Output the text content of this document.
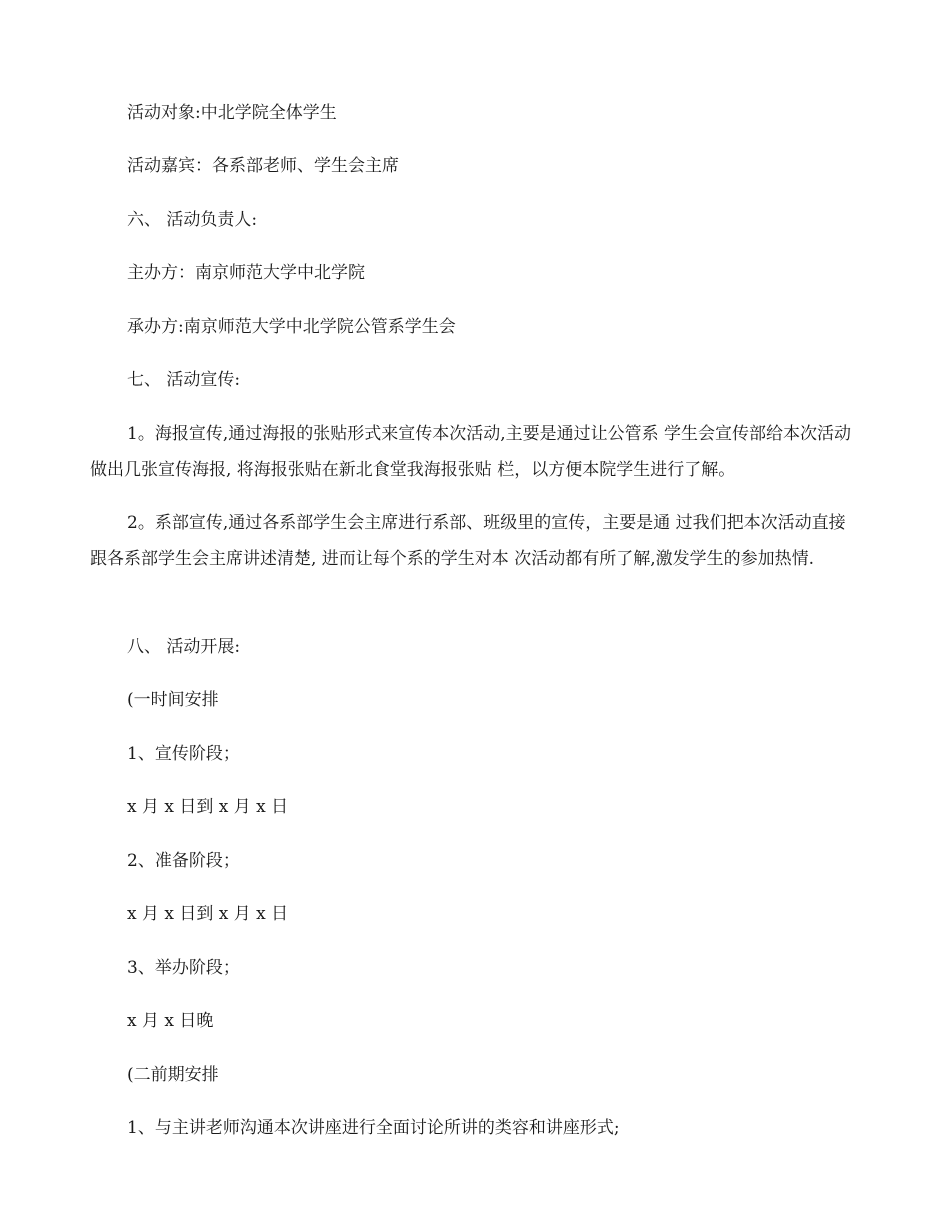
活动对象:中北学院全体学生
活动嘉宾：各系部老师、学生会主席
六、 活动负责人:
主办方：南京师范大学中北学院
承办方:南京师范大学中北学院公管系学生会
七、 活动宣传:
1。海报宣传,通过海报的张贴形式来宣传本次活动,主要是通过让公管系 学生会宣传部给本次活动做出几张宣传海报, 将海报张贴在新北食堂我海报张贴 栏，以方便本院学生进行了解。
2。系部宣传,通过各系部学生会主席进行系部、班级里的宣传，主要是通 过我们把本次活动直接跟各系部学生会主席讲述清楚, 进而让每个系的学生对本 次活动都有所了解,激发学生的参加热情.
八、 活动开展:
(一时间安排
1、宣传阶段；
x 月 x 日到 x 月 x 日
2、准备阶段；
x 月 x 日到 x 月 x 日
3、举办阶段；
x 月 x 日晚
(二前期安排
1、与主讲老师沟通本次讲座进行全面讨论所讲的类容和讲座形式;
